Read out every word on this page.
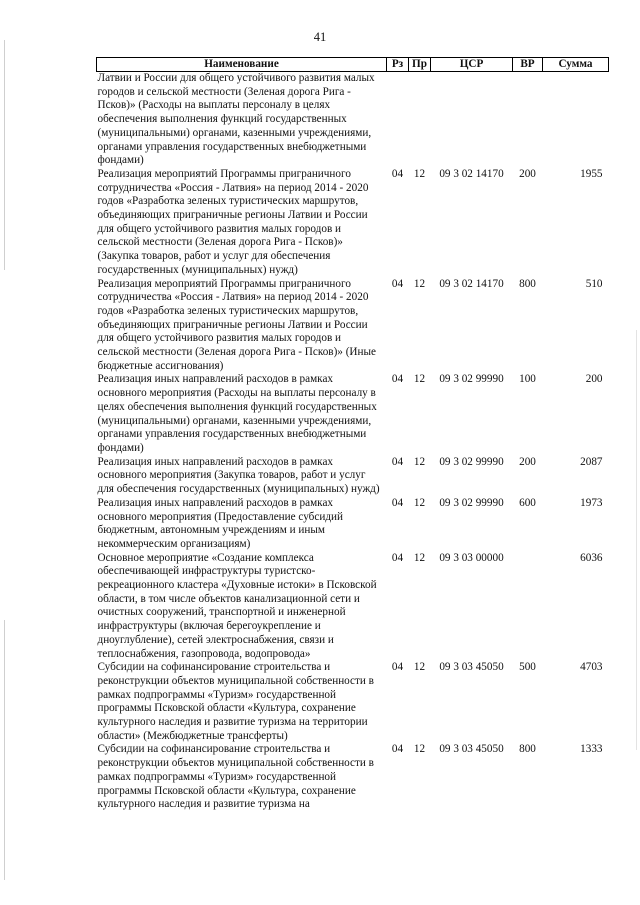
41
Наименование	Рз	Пр	ЦСР	ВР	Сумма
Латвии и России для общего устойчивого развития малых городов и сельской местности (Зеленая дорога Рига - Псков)» (Расходы на выплаты персоналу в целях обеспечения выполнения функций государственных (муниципальными) органами, казенными учреждениями, органами управления государственных внебюджетными фондами)					
Реализация мероприятий Программы приграничного сотрудничества «Россия - Латвия» на период 2014 - 2020 годов «Разработка зеленых туристических маршрутов, объединяющих приграничные регионы Латвии и России для общего устойчивого развития малых городов и сельской местности (Зеленая дорога Рига - Псков)» (Закупка товаров, работ и услуг для обеспечения государственных (муниципальных) нужд)	04	12	09 3 02 14170	200	1955
Реализация мероприятий Программы приграничного сотрудничества «Россия - Латвия» на период 2014 - 2020 годов «Разработка зеленых туристических маршрутов, объединяющих приграничные регионы Латвии и России для общего устойчивого развития малых городов и сельской местности (Зеленая дорога Рига - Псков)» (Иные бюджетные ассигнования)	04	12	09 3 02 14170	800	510
Реализация иных направлений расходов в рамках основного мероприятия (Расходы на выплаты персоналу в целях обеспечения выполнения функций государственных (муниципальными) органами, казенными учреждениями, органами управления государственных внебюджетными фондами)	04	12	09 3 02 99990	100	200
Реализация иных направлений расходов в рамках основного мероприятия (Закупка товаров, работ и услуг для обеспечения государственных (муниципальных) нужд)	04	12	09 3 02 99990	200	2087
Реализация иных направлений расходов в рамках основного мероприятия (Предоставление субсидий бюджетным, автономным учреждениям и иным некоммерческим организациям)	04	12	09 3 02 99990	600	1973
Основное мероприятие «Создание комплекса обеспечивающей инфраструктуры туристско-рекреационного кластера «Духовные истоки» в Псковской области, в том числе объектов канализационной сети и очистных сооружений, транспортной и инженерной инфраструктуры (включая берегоукрепление и дноуглубление), сетей электроснабжения, связи и теплоснабжения, газопровода, водопровода»	04	12	09 3 03 00000		6036
Субсидии на софинансирование строительства и реконструкции объектов муниципальной собственности в рамках подпрограммы «Туризм» государственной программы Псковской области «Культура, сохранение культурного наследия и развитие туризма на территории области» (Межбюджетные трансферты)	04	12	09 3 03 45050	500	4703
Субсидии на софинансирование строительства и реконструкции объектов муниципальной собственности в рамках подпрограммы «Туризм» государственной программы Псковской области «Культура, сохранение культурного наследия и развитие туризма на	04	12	09 3 03 45050	800	1333
